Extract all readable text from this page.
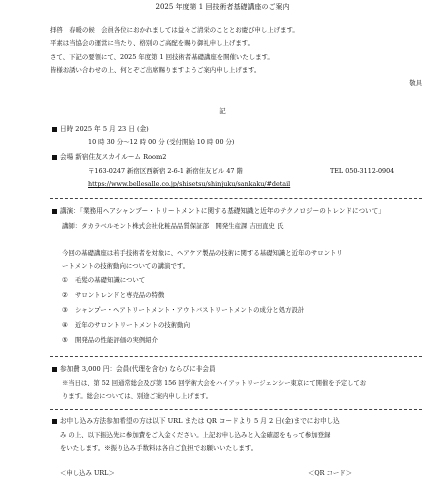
2025 年度第 1 回技術者基礎講座のご案内
拝啓　春暖の候　会員各位におかれましては益々ご清栄のこととお慶び申し上げます。
平素は当協会の運営に当たり、格別のご高配を賜り御礼申し上げます。
さて、下記の要領にて、2025 年度第 1 回技術者基礎講座を開催いたします。
皆様お誘い合わせの上、何とぞご出席賜りますようご案内申し上げます。
敬具
記
日時 2025 年 5 月 23 日 (金)
10 時 30 分～12 時 00 分 (受付開始 10 時 00 分)
会場 新宿住友スカイルーム Room2
〒163-0247 新宿区西新宿 2-6-1 新宿住友ビル 47 階	TEL 050-3112-0904
https://www.bellesalle.co.jp/shisetsu/shinjuku/sankaku/#detail
講演：「業務用ヘアシャンプー・トリートメントに関する基礎知識と近年のテクノロジーのトレンドについて」
講師：タカラベルモント株式会社化粧品品質保証部　開発生産課 吉田直史 氏
今回の基礎講座は若手技術者を対象に、ヘアケア製品の技術に関する基礎知識と近年のサロントリ
ートメントの技術動向についての講演です。
① 毛髪の基礎知識について
② サロントレンドと専売品の特徴
③ シャンプー・ヘアトリートメント・アウトバストリートメントの成分と処方設計
④ 近年のサロントリートメントの技術動向
⑤ 開発品の性能評価の実例紹介
参加費 3,000 円：会員(代理を含む) ならびに非会員
※当日は、第 52 回通常総会及び第 156 回学術大会をハイアットリージェンシー東京にて開催を予定してお
ります。総会については、別途ご案内申し上げます。
お申し込み方法参加希望の方は以下 URL または QR コードより 5 月 2 日(金)までにお申し込
み の上、以下振込先に参加費をご入金ください。上記お申し込みと入金確認をもって参加登録
をいたします。※振り込み手数料は各自ご負担でお願いいたします。
＜申し込み URL＞	＜QR コード＞
